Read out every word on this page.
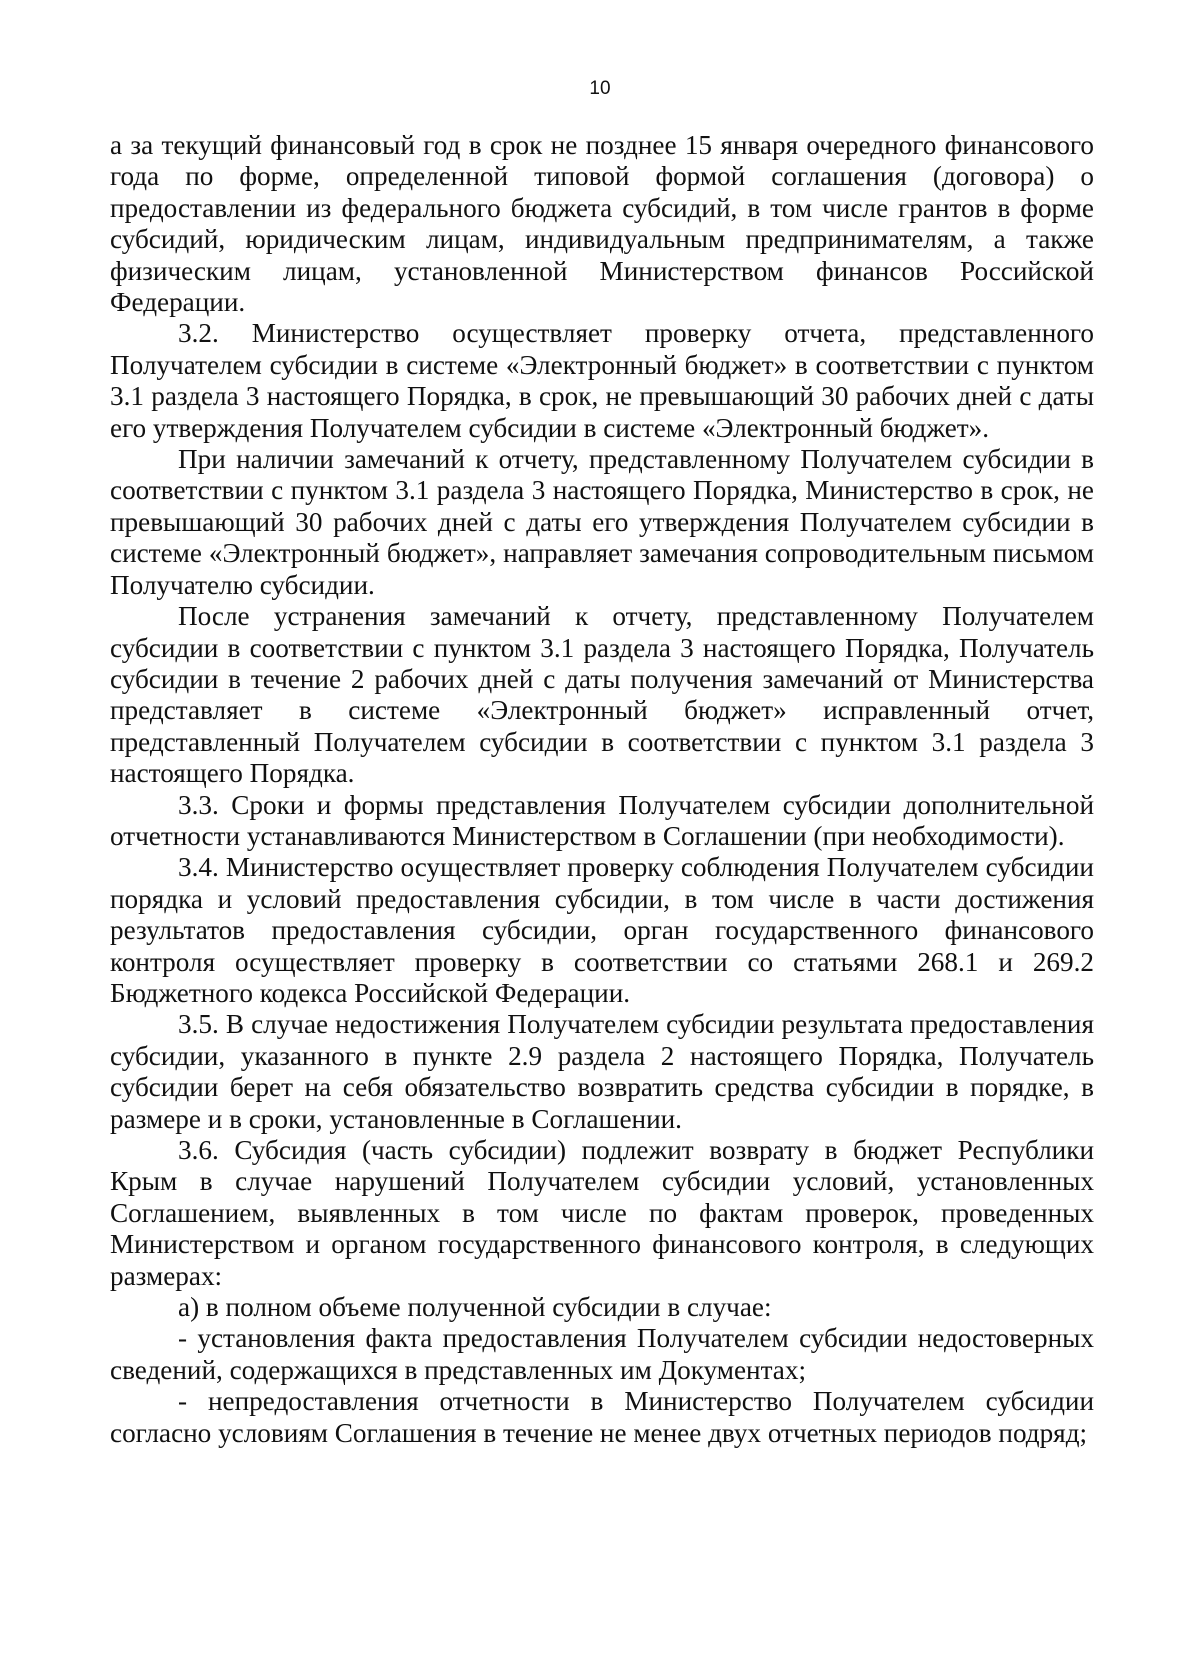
10

а за текущий финансовый год в срок не позднее 15 января очередного финансового года по форме, определенной типовой формой соглашения (договора) о предоставлении из федерального бюджета субсидий, в том числе грантов в форме субсидий, юридическим лицам, индивидуальным предпринимателям, а также физическим лицам, установленной Министерством финансов Российской Федерации.

3.2. Министерство осуществляет проверку отчета, представленного Получателем субсидии в системе «Электронный бюджет» в соответствии с пунктом 3.1 раздела 3 настоящего Порядка, в срок, не превышающий 30 рабочих дней с даты его утверждения Получателем субсидии в системе «Электронный бюджет».

При наличии замечаний к отчету, представленному Получателем субсидии в соответствии с пунктом 3.1 раздела 3 настоящего Порядка, Министерство в срок, не превышающий 30 рабочих дней с даты его утверждения Получателем субсидии в системе «Электронный бюджет», направляет замечания сопроводительным письмом Получателю субсидии.

После устранения замечаний к отчету, представленному Получателем субсидии в соответствии с пунктом 3.1 раздела 3 настоящего Порядка, Получатель субсидии в течение 2 рабочих дней с даты получения замечаний от Министерства представляет в системе «Электронный бюджет» исправленный отчет, представленный Получателем субсидии в соответствии с пунктом 3.1 раздела 3 настоящего Порядка.

3.3. Сроки и формы представления Получателем субсидии дополнительной отчетности устанавливаются Министерством в Соглашении (при необходимости).

3.4. Министерство осуществляет проверку соблюдения Получателем субсидии порядка и условий предоставления субсидии, в том числе в части достижения результатов предоставления субсидии, орган государственного финансового контроля осуществляет проверку в соответствии со статьями 268.1 и 269.2 Бюджетного кодекса Российской Федерации.

3.5. В случае недостижения Получателем субсидии результата предоставления субсидии, указанного в пункте 2.9 раздела 2 настоящего Порядка, Получатель субсидии берет на себя обязательство возвратить средства субсидии в порядке, в размере и в сроки, установленные в Соглашении.

3.6. Субсидия (часть субсидии) подлежит возврату в бюджет Республики Крым в случае нарушений Получателем субсидии условий, установленных Соглашением, выявленных в том числе по фактам проверок, проведенных Министерством и органом государственного финансового контроля, в следующих размерах:

а) в полном объеме полученной субсидии в случае:

- установления факта предоставления Получателем субсидии недостоверных сведений, содержащихся в представленных им Документах;

- непредоставления отчетности в Министерство Получателем субсидии согласно условиям Соглашения в течение не менее двух отчетных периодов подряд;
